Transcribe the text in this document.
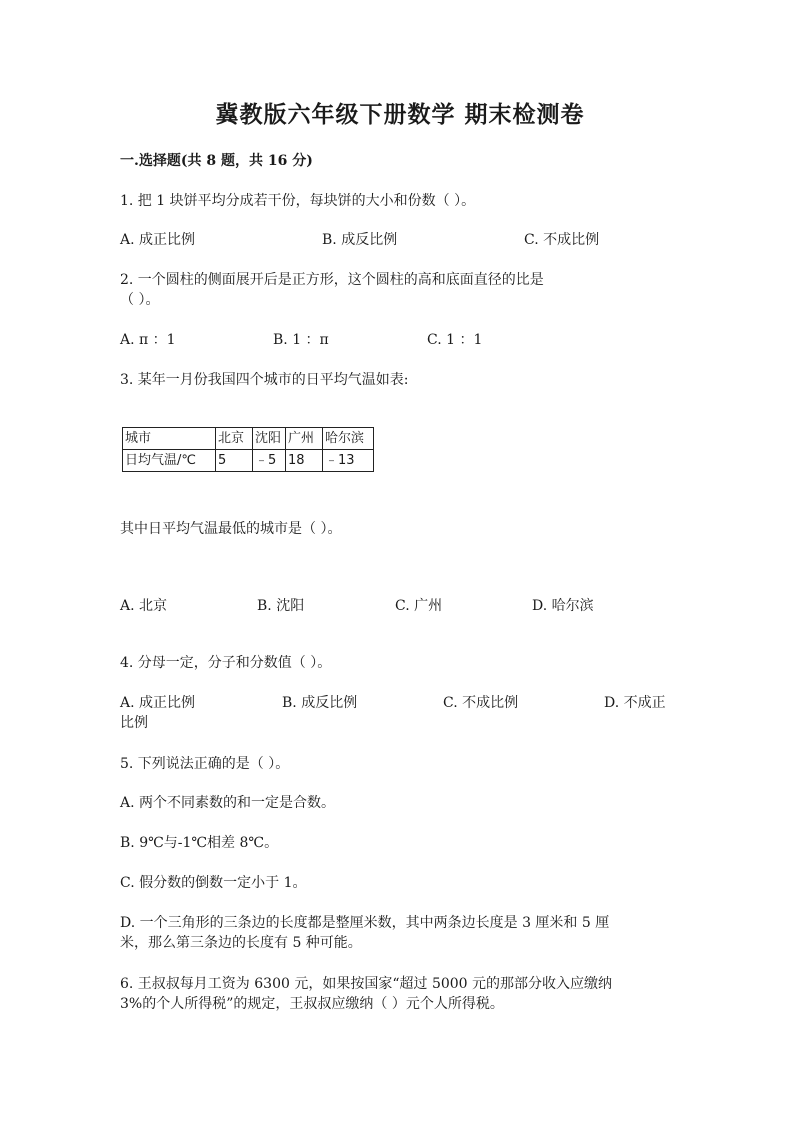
冀教版六年级下册数学 期末检测卷
一.选择题(共 8 题，共 16 分)
1. 把 1 块饼平均分成若干份，每块饼的大小和份数（ ）。
A. 成正比例	B. 成反比例	C. 不成比例
2. 一个圆柱的侧面展开后是正方形，这个圆柱的高和底面直径的比是
（ ）。
A. π ：1	B. 1 ：π	C. 1 ：1
3. 某年一月份我国四个城市的日平均气温如表:
城市	北京	沈阳	广州	哈尔滨
日均气温/℃	5	﹣5	18	﹣13
其中日平均气温最低的城市是（ ）。
A. 北京	B. 沈阳	C. 广州	D. 哈尔滨
4. 分母一定，分子和分数值（ ）。
A. 成正比例	B. 成反比例	C. 不成比例	D. 不成正
比例
5. 下列说法正确的是（ ）。
A. 两个不同素数的和一定是合数。
B. 9℃与-1℃相差 8℃。
C. 假分数的倒数一定小于 1。
D. 一个三角形的三条边的长度都是整厘米数，其中两条边长度是 3 厘米和 5 厘
米，那么第三条边的长度有 5 种可能。
6. 王叔叔每月工资为 6300 元，如果按国家“超过 5000 元的那部分收入应缴纳
3%的个人所得税”的规定，王叔叔应缴纳（ ）元个人所得税。
